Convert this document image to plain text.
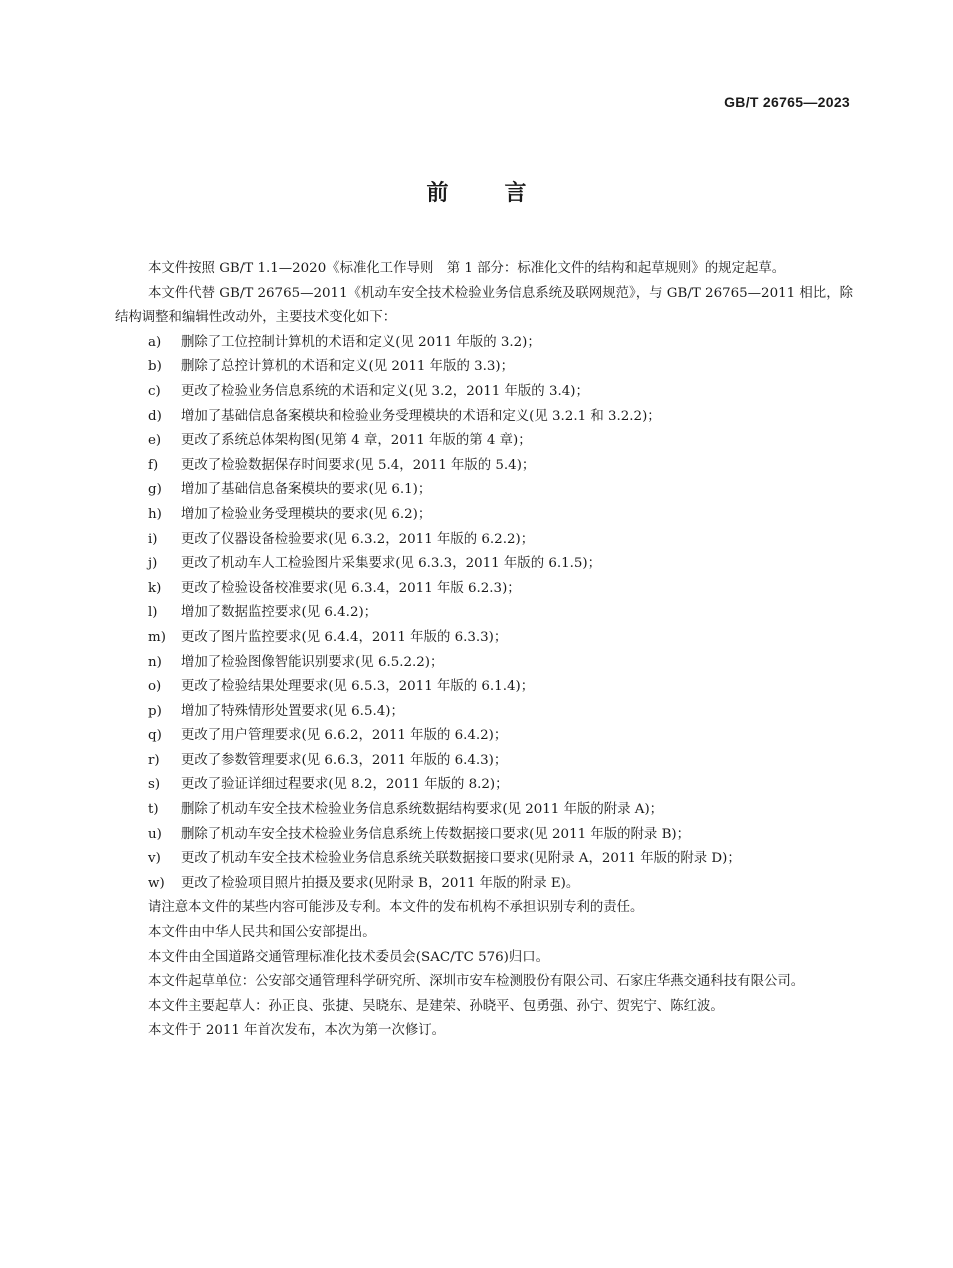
GB/T 26765—2023
前言

本文件按照 GB/T 1.1—2020《标准化工作导则　第 1 部分：标准化文件的结构和起草规则》的规定起草。

本文件代替 GB/T 26765—2011《机动车安全技术检验业务信息系统及联网规范》，与 GB/T 26765—2011 相比，除结构调整和编辑性改动外，主要技术变化如下：

a)	删除了工位控制计算机的术语和定义(见 2011 年版的 3.2)；
b)	删除了总控计算机的术语和定义(见 2011 年版的 3.3)；
c)	更改了检验业务信息系统的术语和定义(见 3.2，2011 年版的 3.4)；
d)	增加了基础信息备案模块和检验业务受理模块的术语和定义(见 3.2.1 和 3.2.2)；
e)	更改了系统总体架构图(见第 4 章，2011 年版的第 4 章)；
f)	更改了检验数据保存时间要求(见 5.4，2011 年版的 5.4)；
g)	增加了基础信息备案模块的要求(见 6.1)；
h)	增加了检验业务受理模块的要求(见 6.2)；
i)	更改了仪器设备检验要求(见 6.3.2，2011 年版的 6.2.2)；
j)	更改了机动车人工检验图片采集要求(见 6.3.3，2011 年版的 6.1.5)；
k)	更改了检验设备校准要求(见 6.3.4，2011 年版 6.2.3)；
l)	增加了数据监控要求(见 6.4.2)；
m)	更改了图片监控要求(见 6.4.4，2011 年版的 6.3.3)；
n)	增加了检验图像智能识别要求(见 6.5.2.2)；
o)	更改了检验结果处理要求(见 6.5.3，2011 年版的 6.1.4)；
p)	增加了特殊情形处置要求(见 6.5.4)；
q)	更改了用户管理要求(见 6.6.2，2011 年版的 6.4.2)；
r)	更改了参数管理要求(见 6.6.3，2011 年版的 6.4.3)；
s)	更改了验证详细过程要求(见 8.2，2011 年版的 8.2)；
t)	删除了机动车安全技术检验业务信息系统数据结构要求(见 2011 年版的附录 A)；
u)	删除了机动车安全技术检验业务信息系统上传数据接口要求(见 2011 年版的附录 B)；
v)	更改了机动车安全技术检验业务信息系统关联数据接口要求(见附录 A，2011 年版的附录 D)；
w)	更改了检验项目照片拍摄及要求(见附录 B，2011 年版的附录 E)。

请注意本文件的某些内容可能涉及专利。本文件的发布机构不承担识别专利的责任。

本文件由中华人民共和国公安部提出。

本文件由全国道路交通管理标准化技术委员会(SAC/TC 576)归口。

本文件起草单位：公安部交通管理科学研究所、深圳市安车检测股份有限公司、石家庄华燕交通科技有限公司。

本文件主要起草人：孙正良、张捷、吴晓东、是建荣、孙晓平、包勇强、孙宁、贺宪宁、陈红波。

本文件于 2011 年首次发布，本次为第一次修订。
